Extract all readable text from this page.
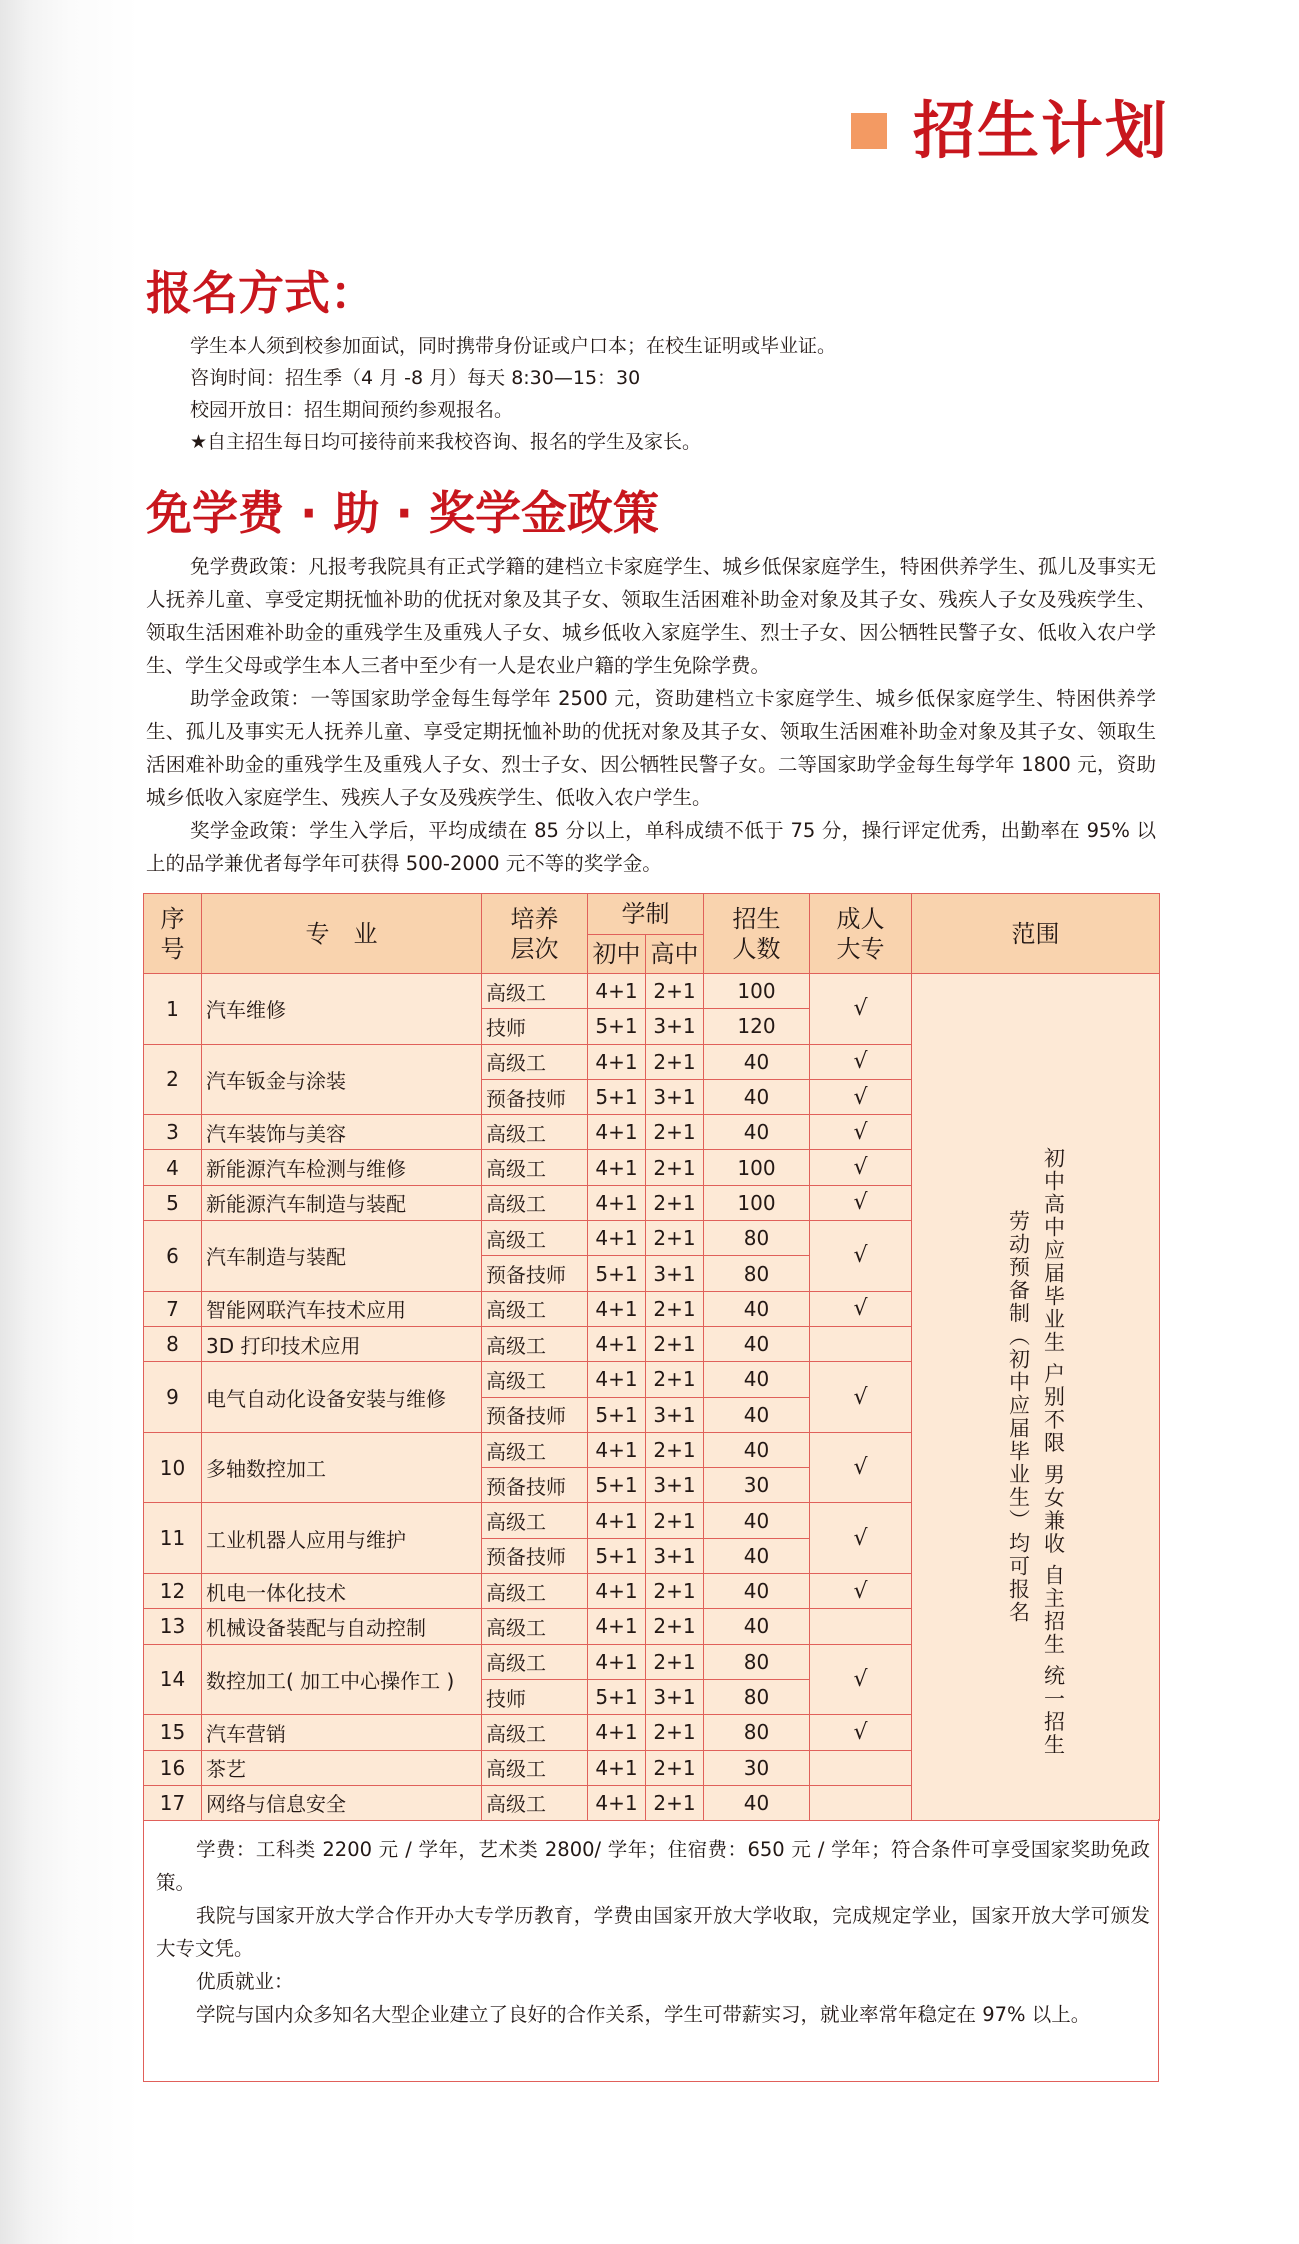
招生计划
报名方式：
学生本人须到校参加面试，同时携带身份证或户口本；在校生证明或毕业证。
咨询时间：招生季（4 月 -8 月）每天 8:30—15：30
校园开放日：招生期间预约参观报名。
★自主招生每日均可接待前来我校咨询、报名的学生及家长。
免学费 · 助 · 奖学金政策

免学费政策：凡报考我院具有正式学籍的建档立卡家庭学生、城乡低保家庭学生，特困供养学生、孤儿及事实无人抚养儿童、享受定期抚恤补助的优抚对象及其子女、领取生活困难补助金对象及其子女、残疾人子女及残疾学生、领取生活困难补助金的重残学生及重残人子女、城乡低收入家庭学生、烈士子女、因公牺牲民警子女、低收入农户学生、学生父母或学生本人三者中至少有一人是农业户籍的学生免除学费。

助学金政策：一等国家助学金每生每学年 2500 元，资助建档立卡家庭学生、城乡低保家庭学生、特困供养学生、孤儿及事实无人抚养儿童、享受定期抚恤补助的优抚对象及其子女、领取生活困难补助金对象及其子女、领取生活困难补助金的重残学生及重残人子女、烈士子女、因公牺牲民警子女。二等国家助学金每生每学年 1800 元，资助城乡低收入家庭学生、残疾人子女及残疾学生、低收入农户学生。

奖学金政策：学生入学后，平均成绩在 85 分以上，单科成绩不低于 75 分，操行评定优秀，出勤率在 95% 以上的品学兼优者每学年可获得 500-2000 元不等的奖学金。

序号	专　业	培养层次	学制		招生人数	成人大专	范围
			初中	高中			
1	汽车维修	高级工	4+1	2+1	100	√	初中高中应届毕业生 户别不限 男女兼收 自主招生 统一招生
劳动预备制（初中应届毕业生）均可报名

		技师	5+1	3+1	120		
2	汽车钣金与涂装	高级工	4+1	2+1	40	√	
		预备技师	5+1	3+1	40	√	
3	汽车装饰与美容	高级工	4+1	2+1	40	√	
4	新能源汽车检测与维修	高级工	4+1	2+1	100	√	
5	新能源汽车制造与装配	高级工	4+1	2+1	100	√	
6	汽车制造与装配	高级工	4+1	2+1	80	√	
		预备技师	5+1	3+1	80		
7	智能网联汽车技术应用	高级工	4+1	2+1	40	√	
8	3D 打印技术应用	高级工	4+1	2+1	40		
9	电气自动化设备安装与维修	高级工	4+1	2+1	40	√	
		预备技师	5+1	3+1	40		
10	多轴数控加工	高级工	4+1	2+1	40	√	
		预备技师	5+1	3+1	30		
11	工业机器人应用与维护	高级工	4+1	2+1	40	√	
		预备技师	5+1	3+1	40		
12	机电一体化技术	高级工	4+1	2+1	40	√	
13	机械设备装配与自动控制	高级工	4+1	2+1	40		
14	数控加工( 加工中心操作工 )	高级工	4+1	2+1	80	√	
		技师	5+1	3+1	80		
15	汽车营销	高级工	4+1	2+1	80	√	
16	茶艺	高级工	4+1	2+1	30		
17	网络与信息安全	高级工	4+1	2+1	40		

学费：工科类 2200 元 / 学年，艺术类 2800/ 学年；住宿费：650 元 / 学年；符合条件可享受国家奖助免政策。

我院与国家开放大学合作开办大专学历教育，学费由国家开放大学收取，完成规定学业，国家开放大学可颁发大专文凭。

优质就业：

学院与国内众多知名大型企业建立了良好的合作关系，学生可带薪实习，就业率常年稳定在 97% 以上。
